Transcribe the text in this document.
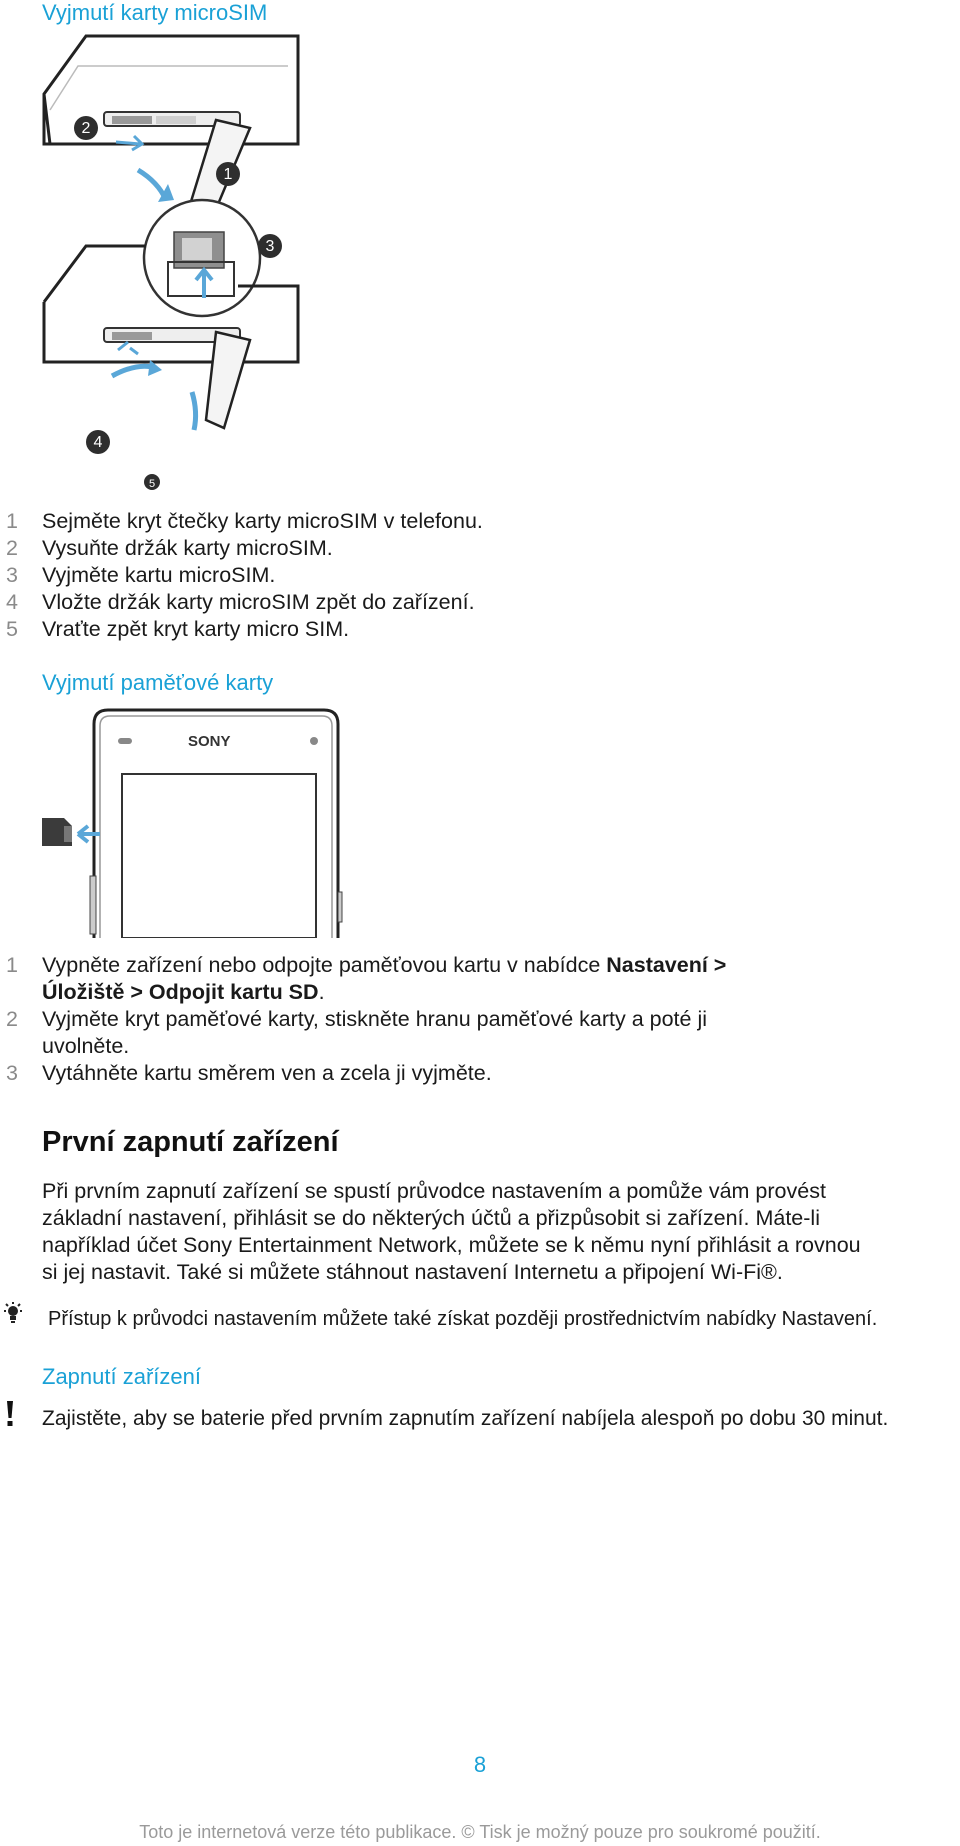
Vyjmutí karty microSIM
2
1
3
4
5
1	Sejměte kryt čtečky karty microSIM v telefonu.
2	Vysuňte držák karty microSIM.
3	Vyjměte kartu microSIM.
4	Vložte držák karty microSIM zpět do zařízení.
5	Vraťte zpět kryt karty micro SIM.
Vyjmutí paměťové karty
SONY
1	Vypněte zařízení nebo odpojte paměťovou kartu v nabídce Nastavení >
Úložiště > Odpojit kartu SD.
2	Vyjměte kryt paměťové karty, stiskněte hranu paměťové karty a poté ji
uvolněte.
3	Vytáhněte kartu směrem ven a zcela ji vyjměte.
První zapnutí zařízení
Při prvním zapnutí zařízení se spustí průvodce nastavením a pomůže vám provést
základní nastavení, přihlásit se do některých účtů a přizpůsobit si zařízení. Máte-li
například účet Sony Entertainment Network, můžete se k němu nyní přihlásit a rovnou
si jej nastavit. Také si můžete stáhnout nastavení Internetu a připojení Wi-Fi®.

Přístup k průvodci nastavením můžete také získat později prostřednictvím nabídky Nastavení.

Zapnutí zařízení

Zajistěte, aby se baterie před prvním zapnutím zařízení nabíjela alespoň po dobu 30 minut.

8
Toto je internetová verze této publikace. © Tisk je možný pouze pro soukromé použití.
